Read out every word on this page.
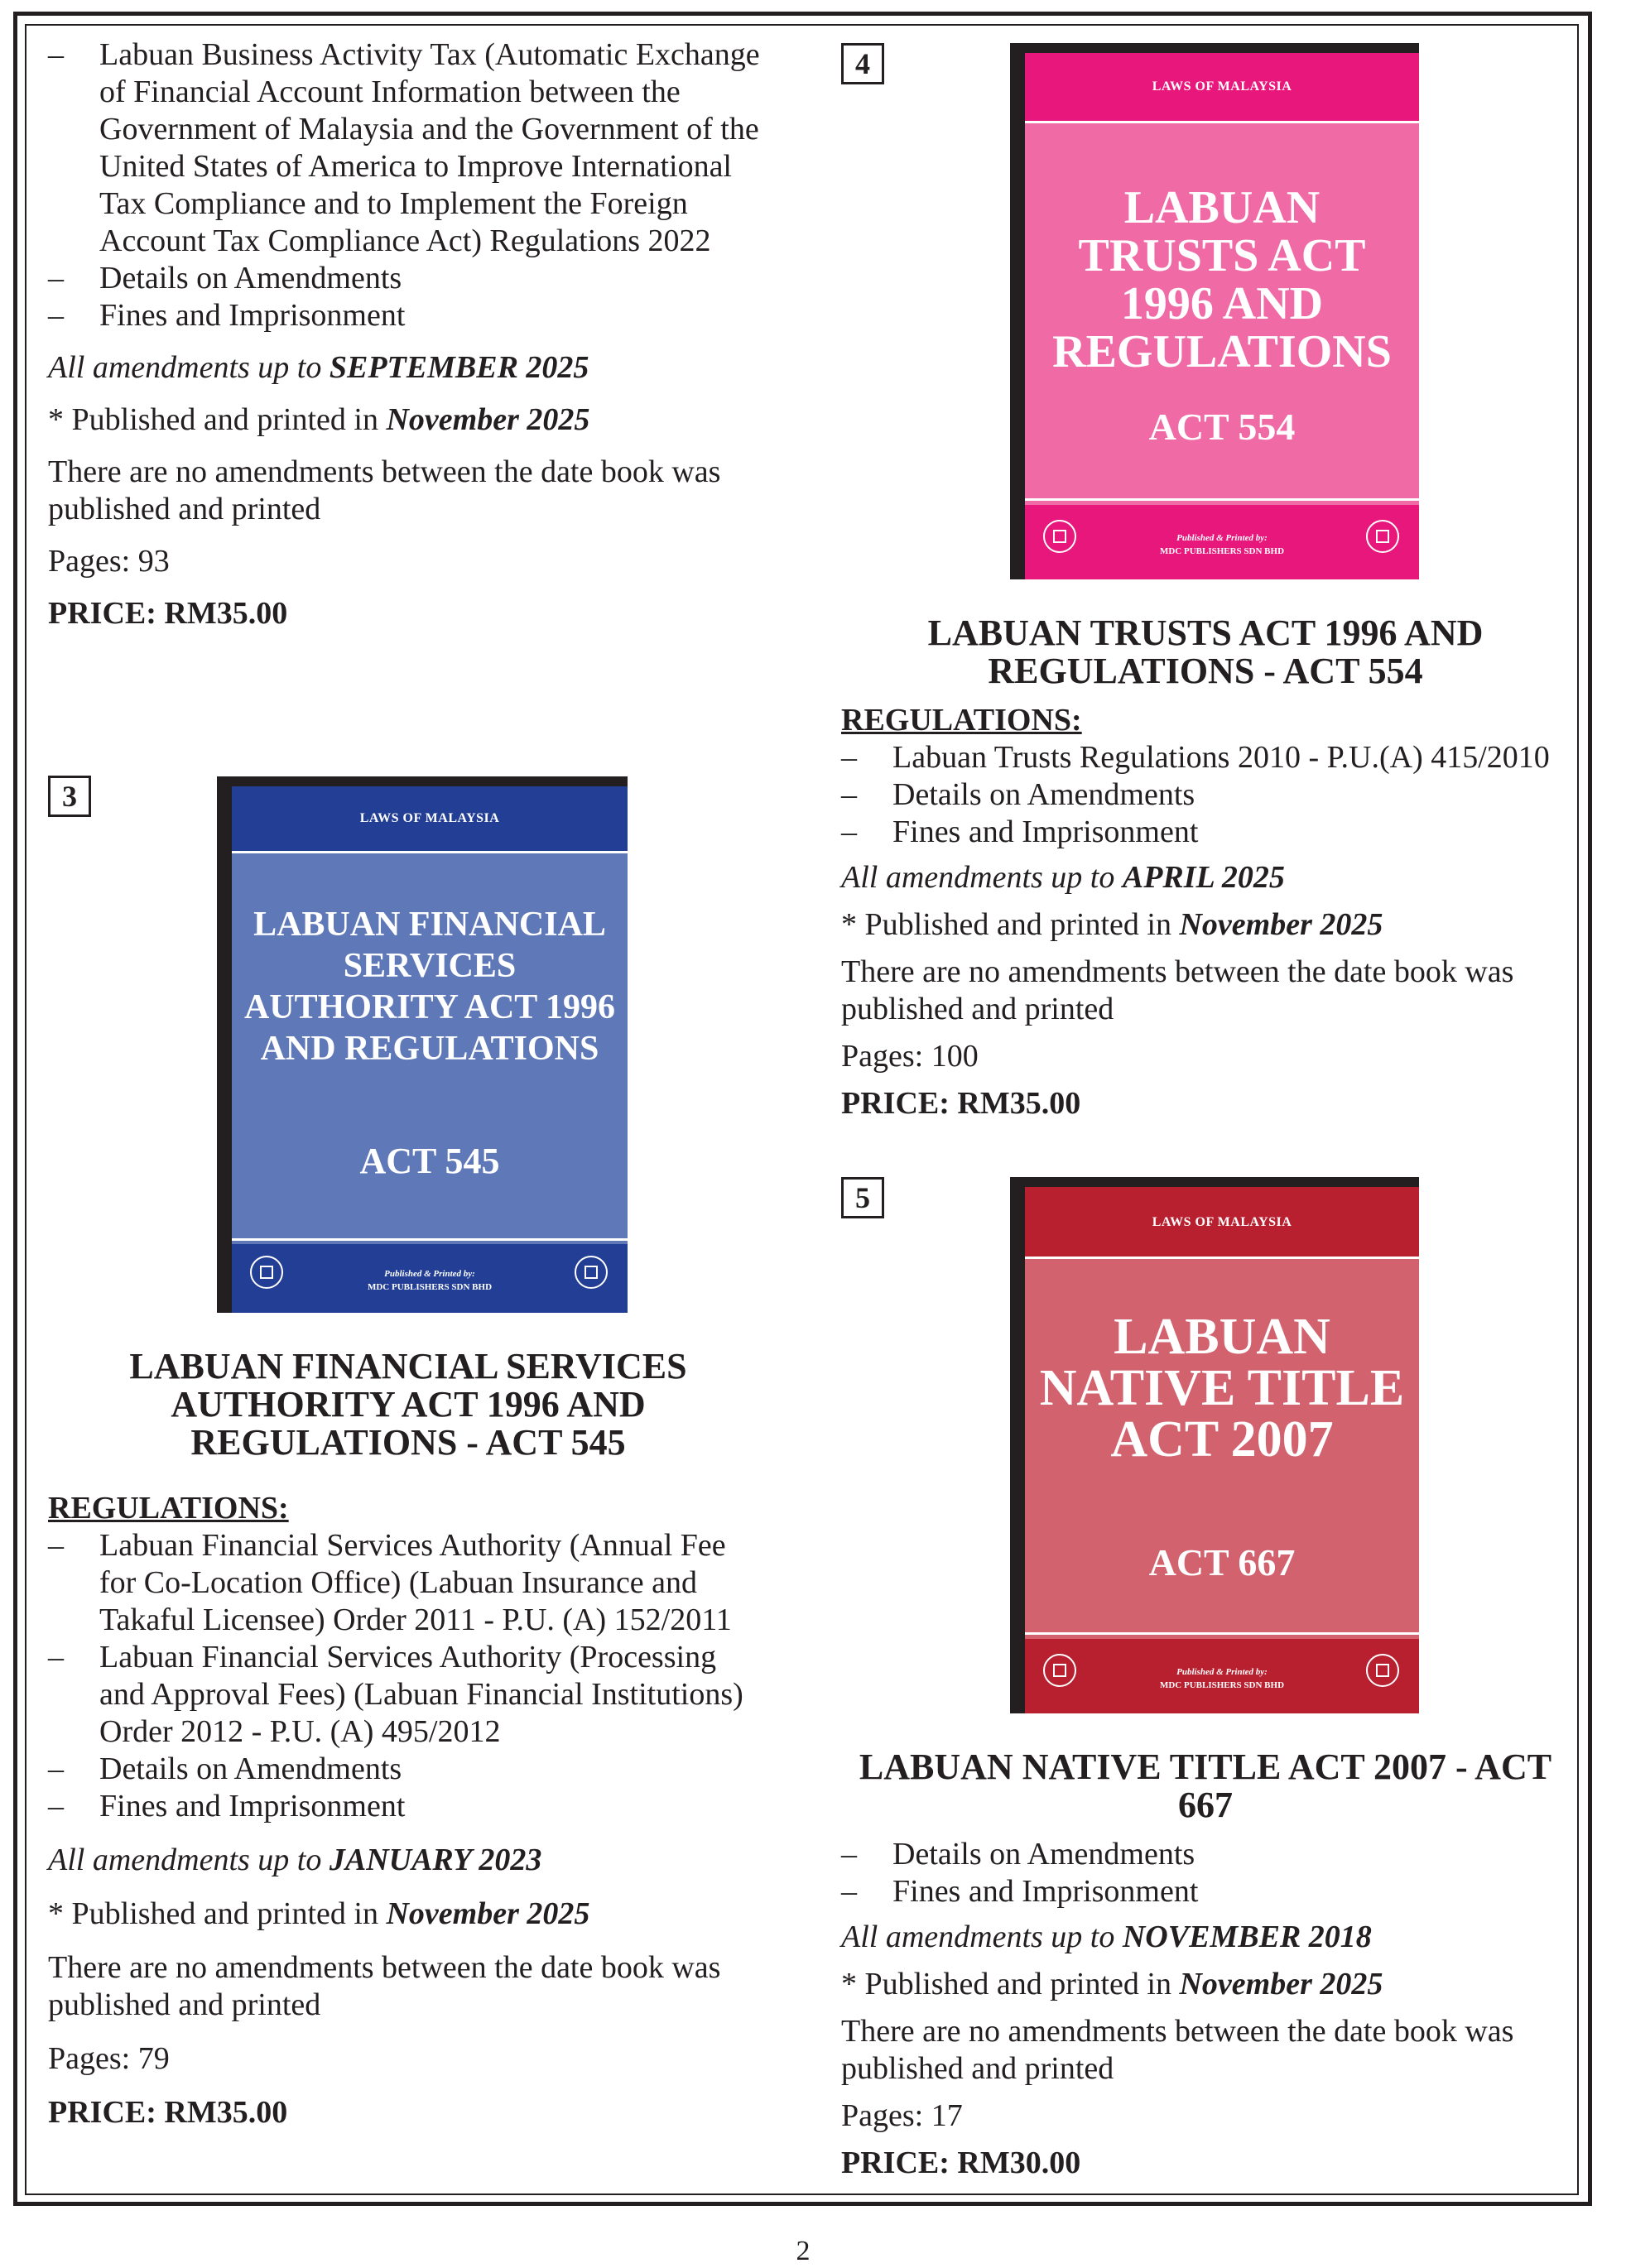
– Labuan Business Activity Tax (Automatic Exchange of Financial Account Information between the Government of Malaysia and the Government of the United States of America to Improve International Tax Compliance and to Implement the Foreign Account Tax Compliance Act) Regulations 2022
– Details on Amendments
– Fines and Imprisonment

All amendments up to SEPTEMBER 2025

* Published and printed in November 2025

There are no amendments between the date book was published and printed

Pages: 93

PRICE: RM35.00

3
LAWS OF MALAYSIA
LABUAN FINANCIAL SERVICES AUTHORITY ACT 1996 AND REGULATIONS
ACT 545
Published & Printed by:
MDC PUBLISHERS SDN BHD
LABUAN FINANCIAL SERVICES AUTHORITY ACT 1996 AND REGULATIONS - ACT 545

REGULATIONS:

– Labuan Financial Services Authority (Annual Fee for Co-Location Office) (Labuan Insurance and Takaful Licensee) Order 2011 - P.U. (A) 152/2011
– Labuan Financial Services Authority (Processing and Approval Fees) (Labuan Financial Institutions) Order 2012 - P.U. (A) 495/2012
– Details on Amendments
– Fines and Imprisonment

All amendments up to JANUARY 2023

* Published and printed in November 2025

There are no amendments between the date book was published and printed

Pages: 79

PRICE: RM35.00

4
LAWS OF MALAYSIA
LABUAN TRUSTS ACT 1996 AND REGULATIONS
ACT 554
Published & Printed by:
MDC PUBLISHERS SDN BHD
LABUAN TRUSTS ACT 1996 AND REGULATIONS - ACT 554

REGULATIONS:

– Labuan Trusts Regulations 2010 - P.U.(A) 415/2010
– Details on Amendments
– Fines and Imprisonment

All amendments up to APRIL 2025

* Published and printed in November 2025

There are no amendments between the date book was published and printed

Pages: 100

PRICE: RM35.00

5
LAWS OF MALAYSIA
LABUAN NATIVE TITLE ACT 2007
ACT 667
Published & Printed by:
MDC PUBLISHERS SDN BHD
LABUAN NATIVE TITLE ACT 2007 - ACT 667
– Details on Amendments
– Fines and Imprisonment

All amendments up to NOVEMBER 2018

* Published and printed in November 2025

There are no amendments between the date book was published and printed

Pages: 17

PRICE: RM30.00

2
